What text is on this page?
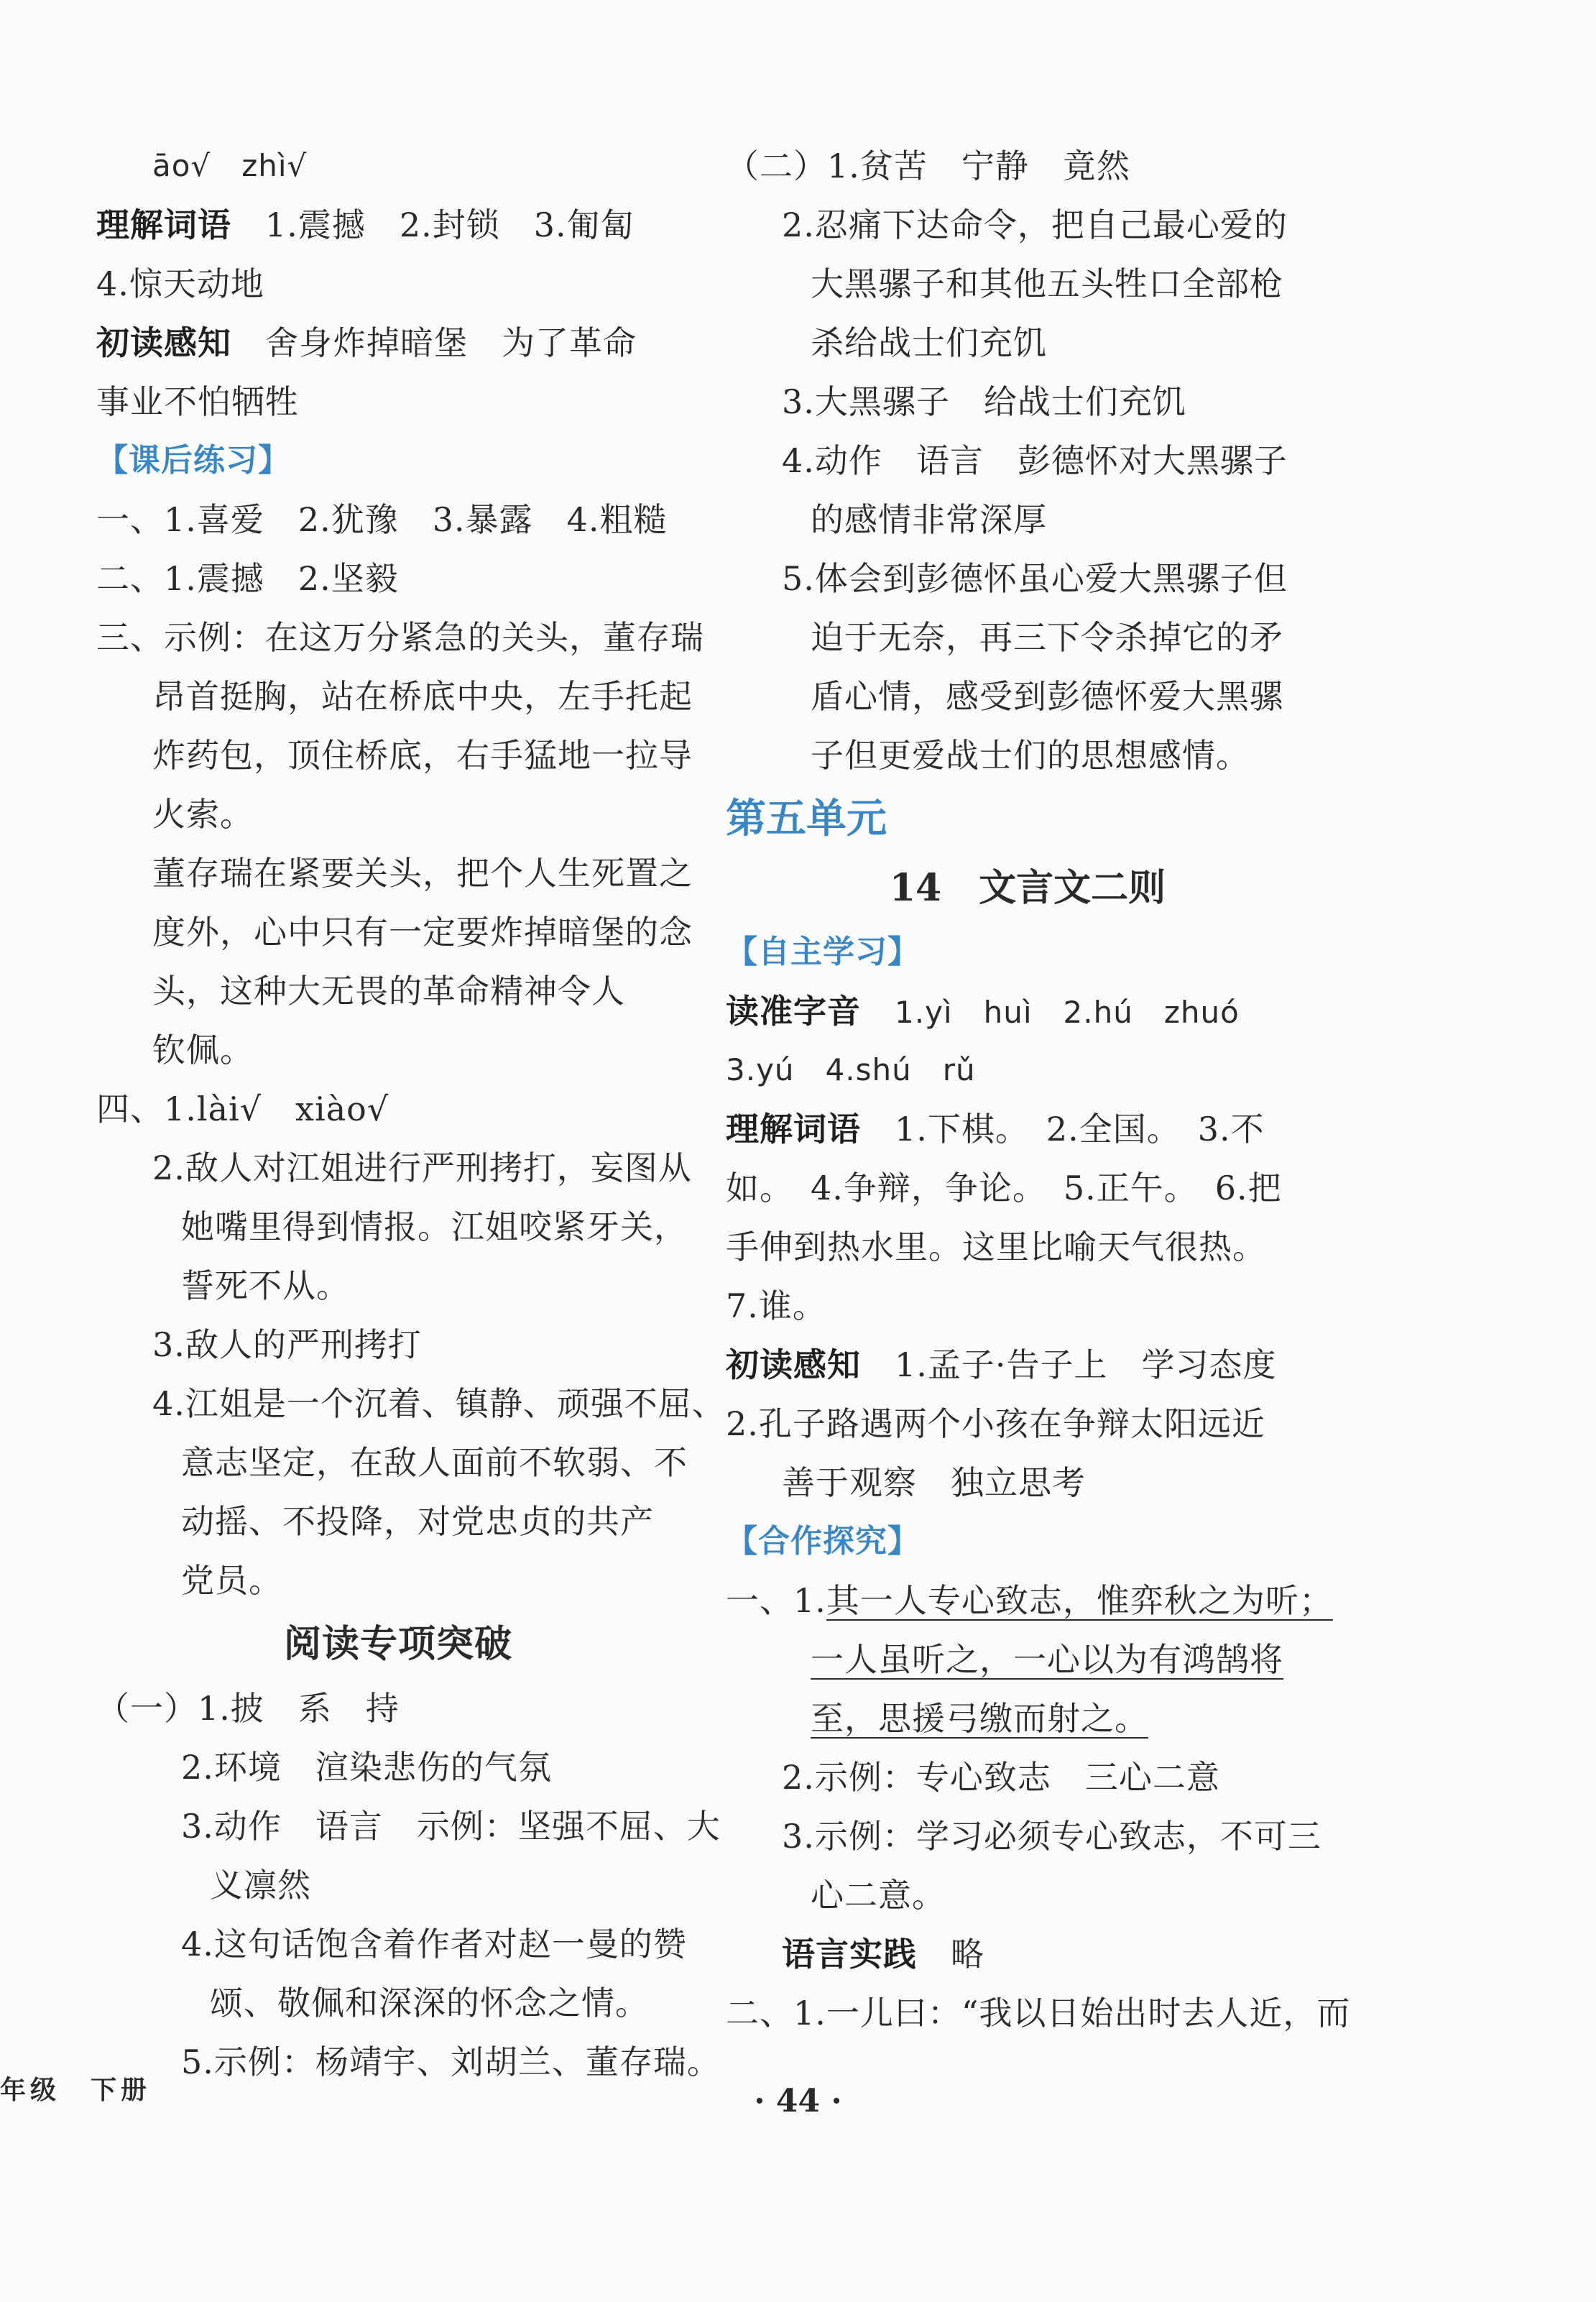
āo√　zhì√
理解词语　 1.震撼　2.封锁　3.匍匐
4.惊天动地
初读感知　 舍身炸掉暗堡　为了革命
事业不怕牺牲
【课后练习】
一、1.喜爱　2.犹豫　3.暴露　4.粗糙
二、1.震撼　2.坚毅
三、示例：在这万分紧急的关头，董存瑞
昂首挺胸，站在桥底中央，左手托起
炸药包，顶住桥底，右手猛地一拉导
火索。
董存瑞在紧要关头，把个人生死置之
度外，心中只有一定要炸掉暗堡的念
头，这种大无畏的革命精神令人
钦佩。
四、1.lài√　xiào√
2.敌人对江姐进行严刑拷打，妄图从
她嘴里得到情报。江姐咬紧牙关，
誓死不从。
3.敌人的严刑拷打
4.江姐是一个沉着、镇静、顽强不屈、
意志坚定，在敌人面前不软弱、不
动摇、不投降，对党忠贞的共产
党员。
阅读专项突破
（一）1.披　系　持
2.环境　渲染悲伤的气氛
3.动作　语言　示例：坚强不屈、大
义凛然
4.这句话饱含着作者对赵一曼的赞
颂、敬佩和深深的怀念之情。
5.示例：杨靖宇、刘胡兰、董存瑞。
（二）1.贫苦　宁静　竟然
2.忍痛下达命令，把自己最心爱的
大黑骡子和其他五头牲口全部枪
杀给战士们充饥
3.大黑骡子　给战士们充饥
4.动作　语言　彭德怀对大黑骡子
的感情非常深厚
5.体会到彭德怀虽心爱大黑骡子但
迫于无奈，再三下令杀掉它的矛
盾心情，感受到彭德怀爱大黑骡
子但更爱战士们的思想感情。
第五单元
14　文言文二则
【自主学习】
读准字音　 1.yì　huì　2.hú　zhuó
3.yú　4.shú　rǔ
理解词语　 1.下棋。　2.全国。　3.不
如。　4.争辩，争论。　5.正午。　6.把
手伸到热水里。这里比喻天气很热。
7.谁。
初读感知　 1.孟子·告子上　学习态度
2.孔子路遇两个小孩在争辩太阳远近
善于观察　独立思考
【合作探究】
一、1.其一人专心致志，惟弈秋之为听；
一人虽听之，一心以为有鸿鹄将
至，思援弓缴而射之。
2.示例：专心致志　三心二意
3.示例：学习必须专心致志，不可三
心二意。
语言实践　 略
二、1.一儿曰：“我以日始出时去人近，而
年级　下册	· 44 ·
